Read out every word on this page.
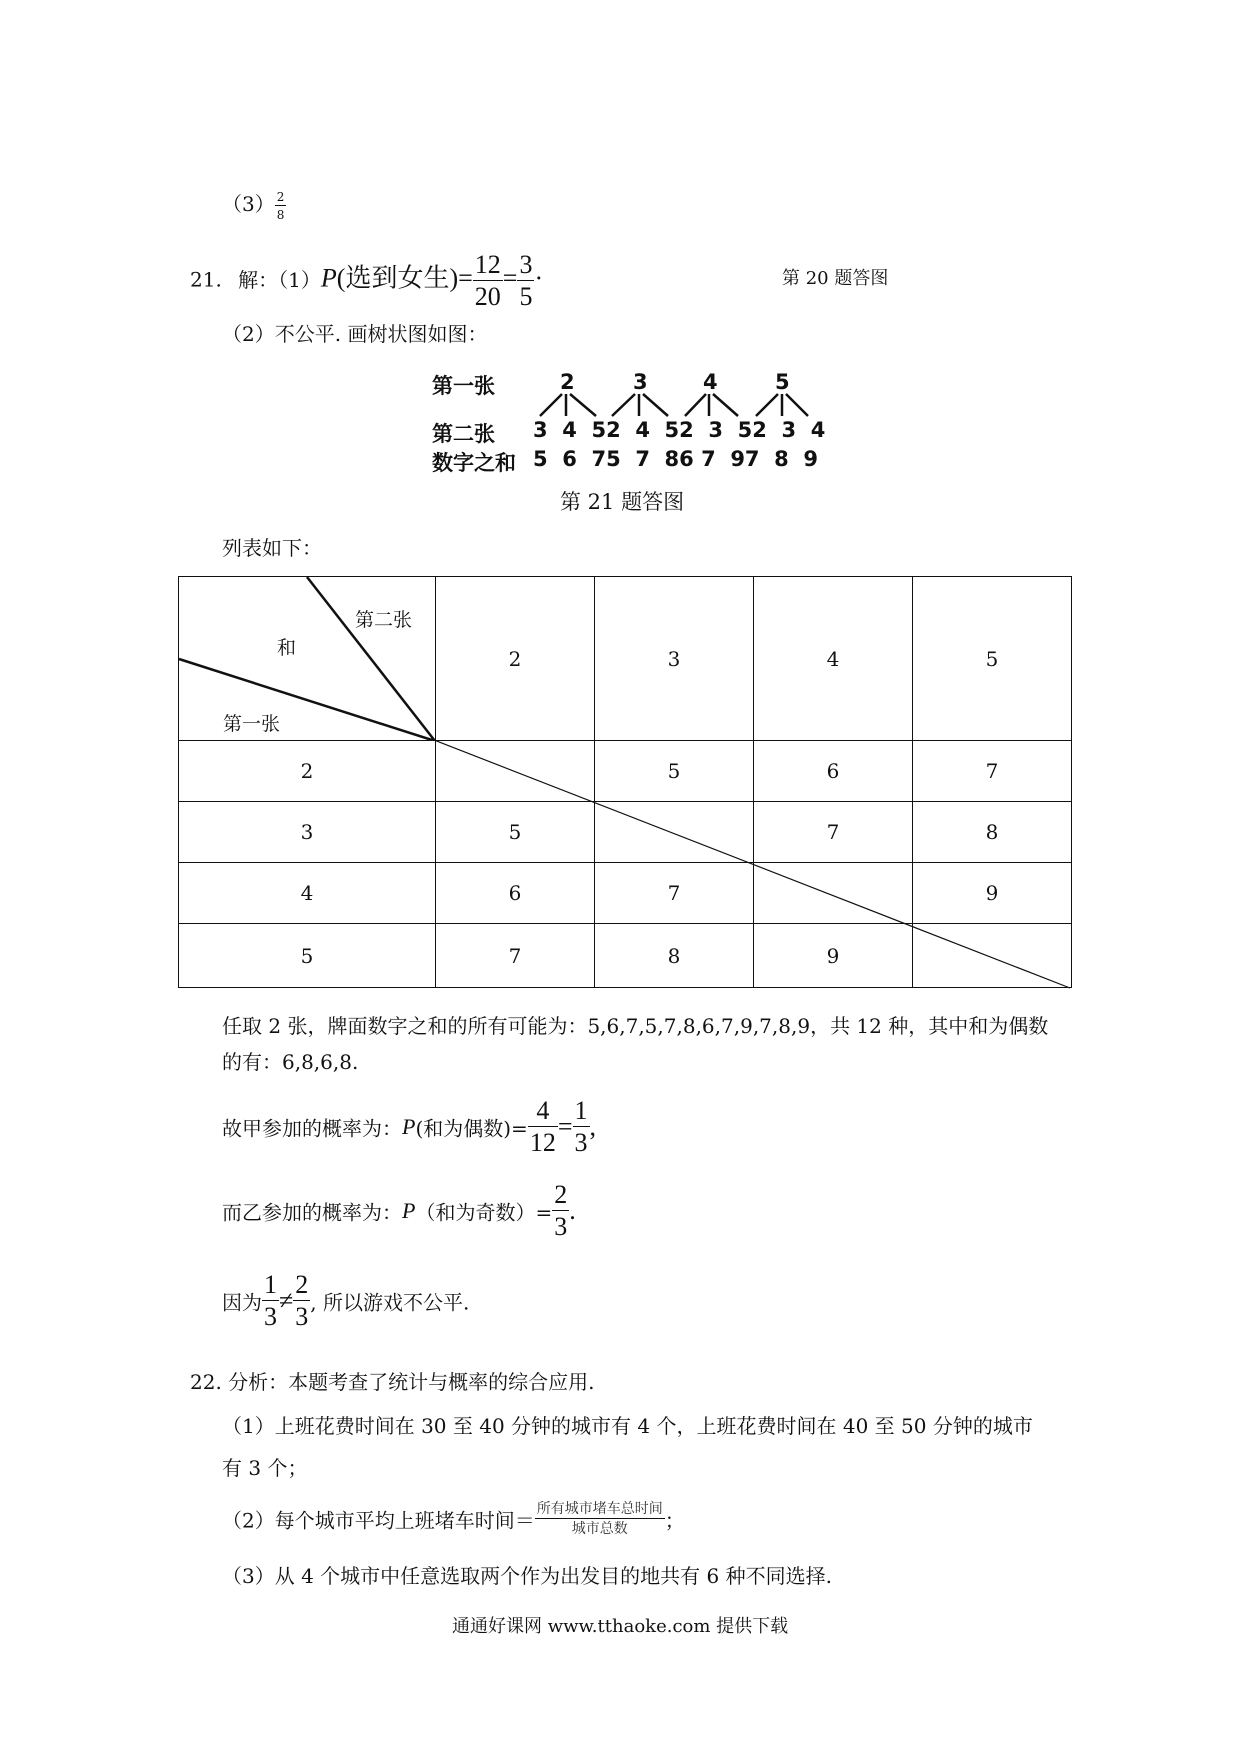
$(3) \frac{2}{8}$
21. 解：（1）P(选到女生)= $\frac{12}{20} = \frac{3}{5}$ ·	第 20 题答图
（2）不公平. 画树状图如图：
第一张	2	3	4	5
第二张 3  4  52  4  52  3  52  3  4
数字之和 5  6  75  7  86 7  97  8  9
第 21 题答图
列表如下：
第二张
和
第一张	2	3	4	5
2		5	6	7
3	5		7	8
4	6	7		9
5	7	8	9	
任取 2 张，牌面数字之和的所有可能为：5,6,7,5,7,8,6,7,9,7,8,9，共 12 种，其中和为偶数
的有：6,8,6,8.
故甲参加的概率为：P(和为偶数)= $\frac{4}{12} = \frac{1}{3}$ ,
而乙参加的概率为：P（和为奇数）= $\frac{2}{3}$ .
因为 $\frac{1}{3} \ne \frac{2}{3}$ , 所以游戏不公平.
22. 分析：本题考查了统计与概率的综合应用.
（1）上班花费时间在 30 至 40 分钟的城市有 4 个，上班花费时间在 40 至 50 分钟的城市
有 3 个；
（2）每个城市平均上班堵车时间＝ $\frac{\text{所有城市堵车总时间}}{\text{城市总数}}$ ；
（3）从 4 个城市中任意选取两个作为出发目的地共有 6 种不同选择.
通通好课网 www.tthaoke.com 提供下载
